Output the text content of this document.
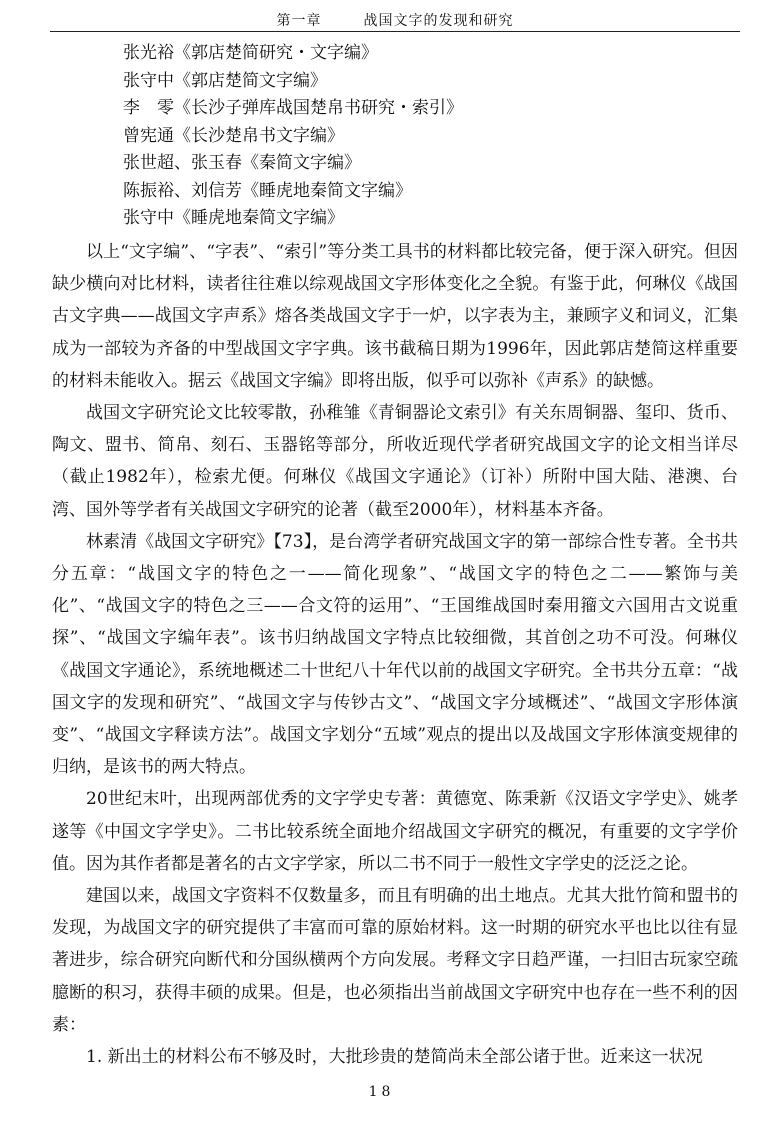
第一章	战国文字的发现和研究
张光裕《郭店楚简研究・文字编》
张守中《郭店楚简文字编》
李　零《长沙子弹库战国楚帛书研究・索引》
曾宪通《长沙楚帛书文字编》
张世超、张玉春《秦简文字编》
陈振裕、刘信芳《睡虎地秦简文字编》
张守中《睡虎地秦简文字编》

以上“文字编”、“字表”、“索引”等分类工具书的材料都比较完备，便于深入研究。但因缺少横向对比材料，读者往往难以综观战国文字形体变化之全貌。有鉴于此，何琳仪《战国古文字典——战国文字声系》熔各类战国文字于一炉，以字表为主，兼顾字义和词义，汇集成为一部较为齐备的中型战国文字字典。该书截稿日期为1996年，因此郭店楚简这样重要的材料未能收入。据云《战国文字编》即将出版，似乎可以弥补《声系》的缺憾。

战国文字研究论文比较零散，孙稚雏《青铜器论文索引》有关东周铜器、玺印、货币、陶文、盟书、简帛、刻石、玉器铭等部分，所收近现代学者研究战国文字的论文相当详尽（截止1982年），检索尤便。何琳仪《战国文字通论》（订补）所附中国大陆、港澳、台湾、国外等学者有关战国文字研究的论著（截至2000年），材料基本齐备。

林素清《战国文字研究》【73】，是台湾学者研究战国文字的第一部综合性专著。全书共分五章：“战国文字的特色之一——简化现象”、“战国文字的特色之二——繁饰与美化”、“战国文字的特色之三——合文符的运用”、“王国维战国时秦用籀文六国用古文说重探”、“战国文字编年表”。该书归纳战国文字特点比较细微，其首创之功不可没。何琳仪《战国文字通论》，系统地概述二十世纪八十年代以前的战国文字研究。全书共分五章：“战国文字的发现和研究”、“战国文字与传钞古文”、“战国文字分域概述”、“战国文字形体演变”、“战国文字释读方法”。战国文字划分“五域”观点的提出以及战国文字形体演变规律的归纳，是该书的两大特点。

20世纪末叶，出现两部优秀的文字学史专著：黄德宽、陈秉新《汉语文字学史》、姚孝遂等《中国文字学史》。二书比较系统全面地介绍战国文字研究的概况，有重要的文字学价值。因为其作者都是著名的古文字学家，所以二书不同于一般性文字学史的泛泛之论。

建国以来，战国文字资料不仅数量多，而且有明确的出土地点。尤其大批竹简和盟书的发现，为战国文字的研究提供了丰富而可靠的原始材料。这一时期的研究水平也比以往有显著进步，综合研究向断代和分国纵横两个方向发展。考释文字日趋严谨，一扫旧古玩家空疏臆断的积习，获得丰硕的成果。但是，也必须指出当前战国文字研究中也存在一些不利的因素：

1. 新出土的材料公布不够及时，大批珍贵的楚简尚未全部公诸于世。近来这一状况

18
